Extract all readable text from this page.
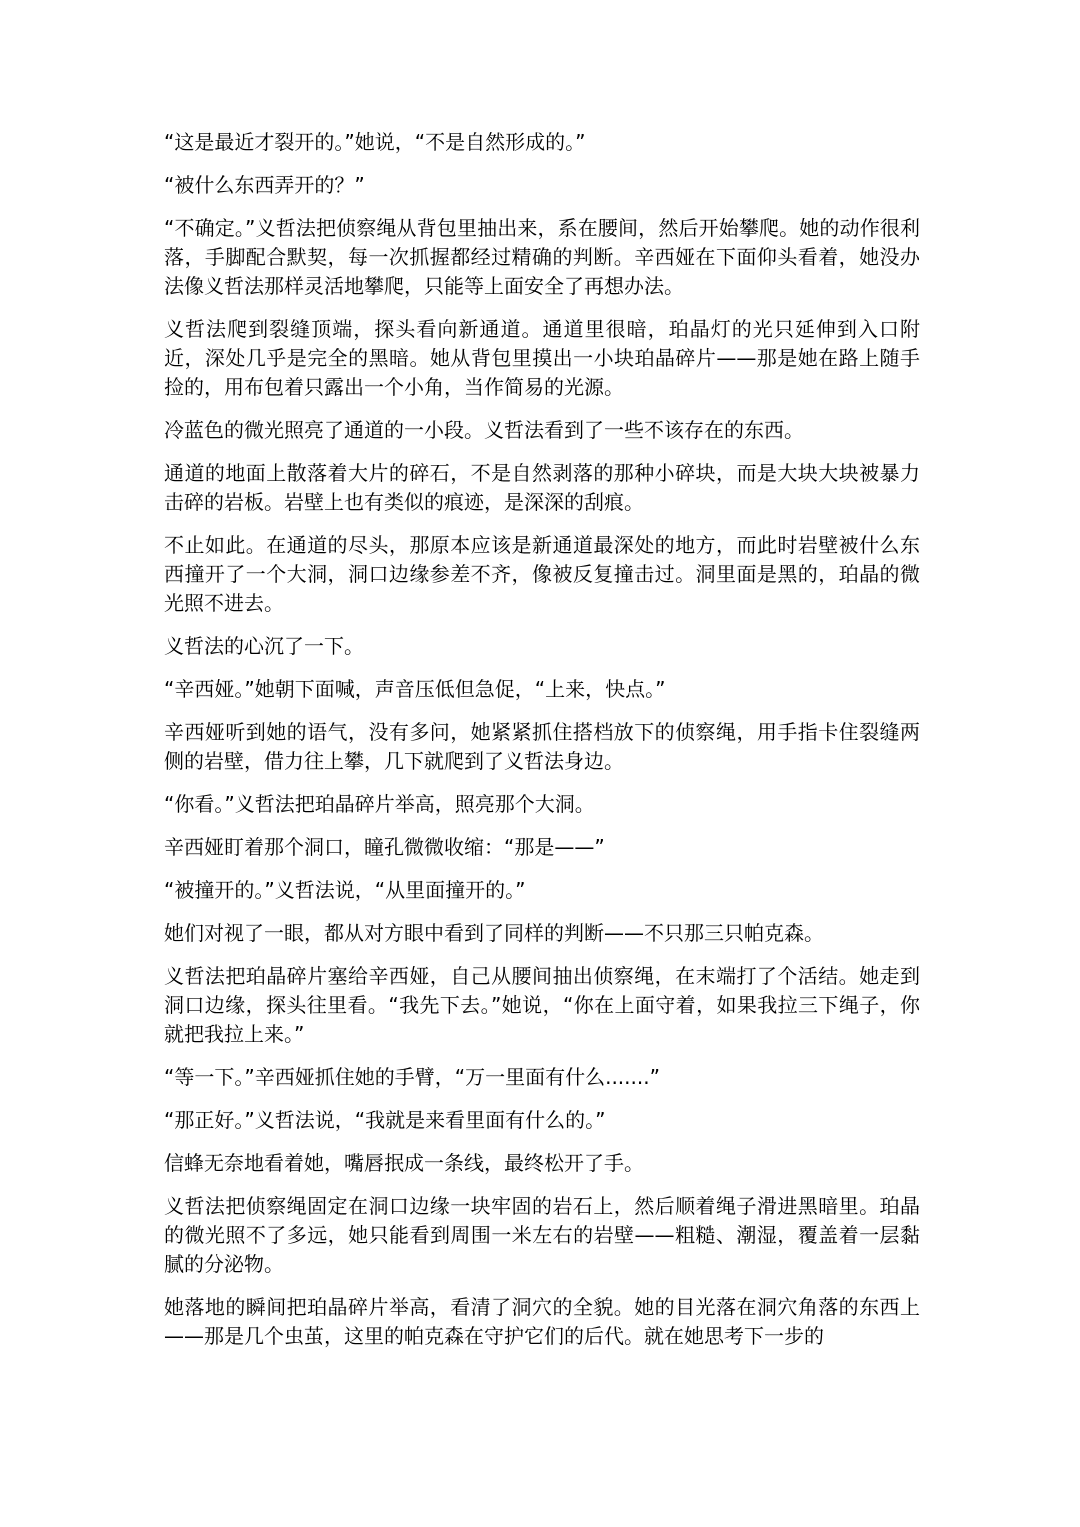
“这是最近才裂开的。”她说，“不是自然形成的。”

“被什么东西弄开的？”

“不确定。”义哲法把侦察绳从背包里抽出来，系在腰间，然后开始攀爬。她的动作很利落，手脚配合默契，每一次抓握都经过精确的判断。辛西娅在下面仰头看着，她没办法像义哲法那样灵活地攀爬，只能等上面安全了再想办法。

义哲法爬到裂缝顶端，探头看向新通道。通道里很暗，珀晶灯的光只延伸到入口附近，深处几乎是完全的黑暗。她从背包里摸出一小块珀晶碎片——那是她在路上随手捡的，用布包着只露出一个小角，当作简易的光源。

冷蓝色的微光照亮了通道的一小段。义哲法看到了一些不该存在的东西。

通道的地面上散落着大片的碎石，不是自然剥落的那种小碎块，而是大块大块被暴力击碎的岩板。岩壁上也有类似的痕迹，是深深的刮痕。

不止如此。在通道的尽头，那原本应该是新通道最深处的地方，而此时岩壁被什么东西撞开了一个大洞，洞口边缘参差不齐，像被反复撞击过。洞里面是黑的，珀晶的微光照不进去。

义哲法的心沉了一下。

“辛西娅。”她朝下面喊，声音压低但急促，“上来，快点。”

辛西娅听到她的语气，没有多问，她紧紧抓住搭档放下的侦察绳，用手指卡住裂缝两侧的岩壁，借力往上攀，几下就爬到了义哲法身边。

“你看。”义哲法把珀晶碎片举高，照亮那个大洞。

辛西娅盯着那个洞口，瞳孔微微收缩：“那是——”

“被撞开的。”义哲法说，“从里面撞开的。”

她们对视了一眼，都从对方眼中看到了同样的判断——不只那三只帕克森。

义哲法把珀晶碎片塞给辛西娅，自己从腰间抽出侦察绳，在末端打了个活结。她走到洞口边缘，探头往里看。“我先下去。”她说，“你在上面守着，如果我拉三下绳子，你就把我拉上来。”

“等一下。”辛西娅抓住她的手臂，“万一里面有什么.......”

“那正好。”义哲法说，“我就是来看里面有什么的。”

信蜂无奈地看着她，嘴唇抿成一条线，最终松开了手。

义哲法把侦察绳固定在洞口边缘一块牢固的岩石上，然后顺着绳子滑进黑暗里。珀晶的微光照不了多远，她只能看到周围一米左右的岩壁——粗糙、潮湿，覆盖着一层黏腻的分泌物。

她落地的瞬间把珀晶碎片举高，看清了洞穴的全貌。她的目光落在洞穴角落的东西上——那是几个虫茧，这里的帕克森在守护它们的后代。就在她思考下一步的
